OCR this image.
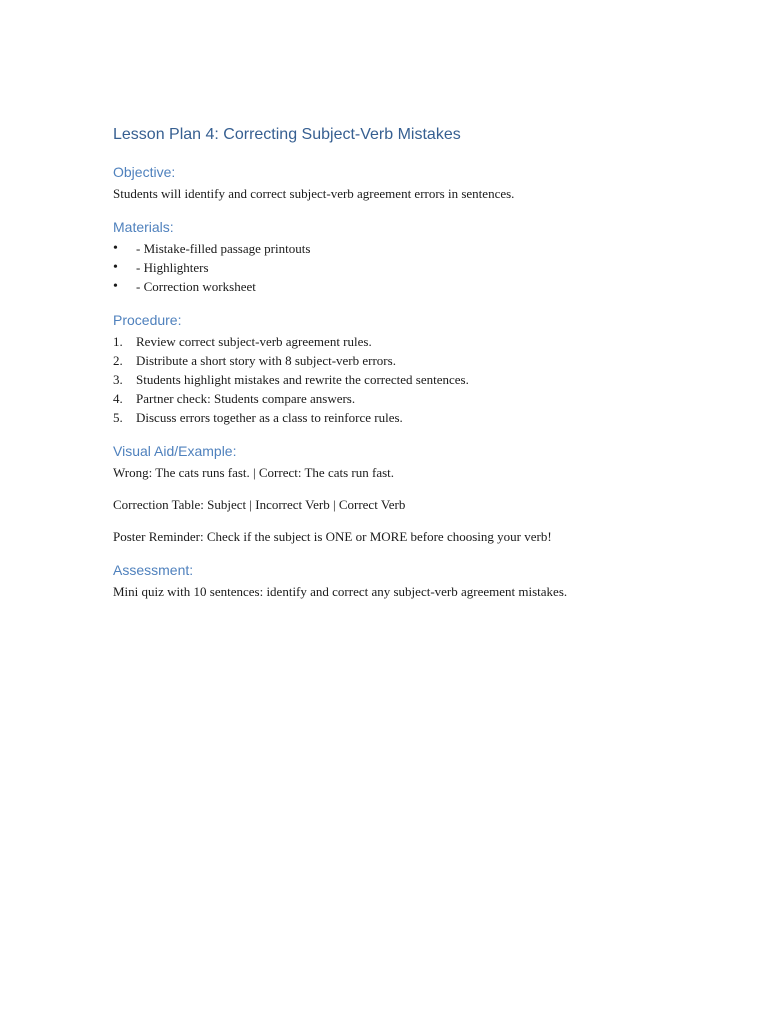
Lesson Plan 4: Correcting Subject-Verb Mistakes
Objective:

Students will identify and correct subject-verb agreement errors in sentences.

Materials:
• - Mistake-filled passage printouts
• - Highlighters
• - Correction worksheet
Procedure:
1. Review correct subject-verb agreement rules.
2. Distribute a short story with 8 subject-verb errors.
3. Students highlight mistakes and rewrite the corrected sentences.
4. Partner check: Students compare answers.
5. Discuss errors together as a class to reinforce rules.
Visual Aid/Example:

Wrong: The cats runs fast. | Correct: The cats run fast.

Correction Table: Subject | Incorrect Verb | Correct Verb

Poster Reminder: Check if the subject is ONE or MORE before choosing your verb!

Assessment:

Mini quiz with 10 sentences: identify and correct any subject-verb agreement mistakes.
